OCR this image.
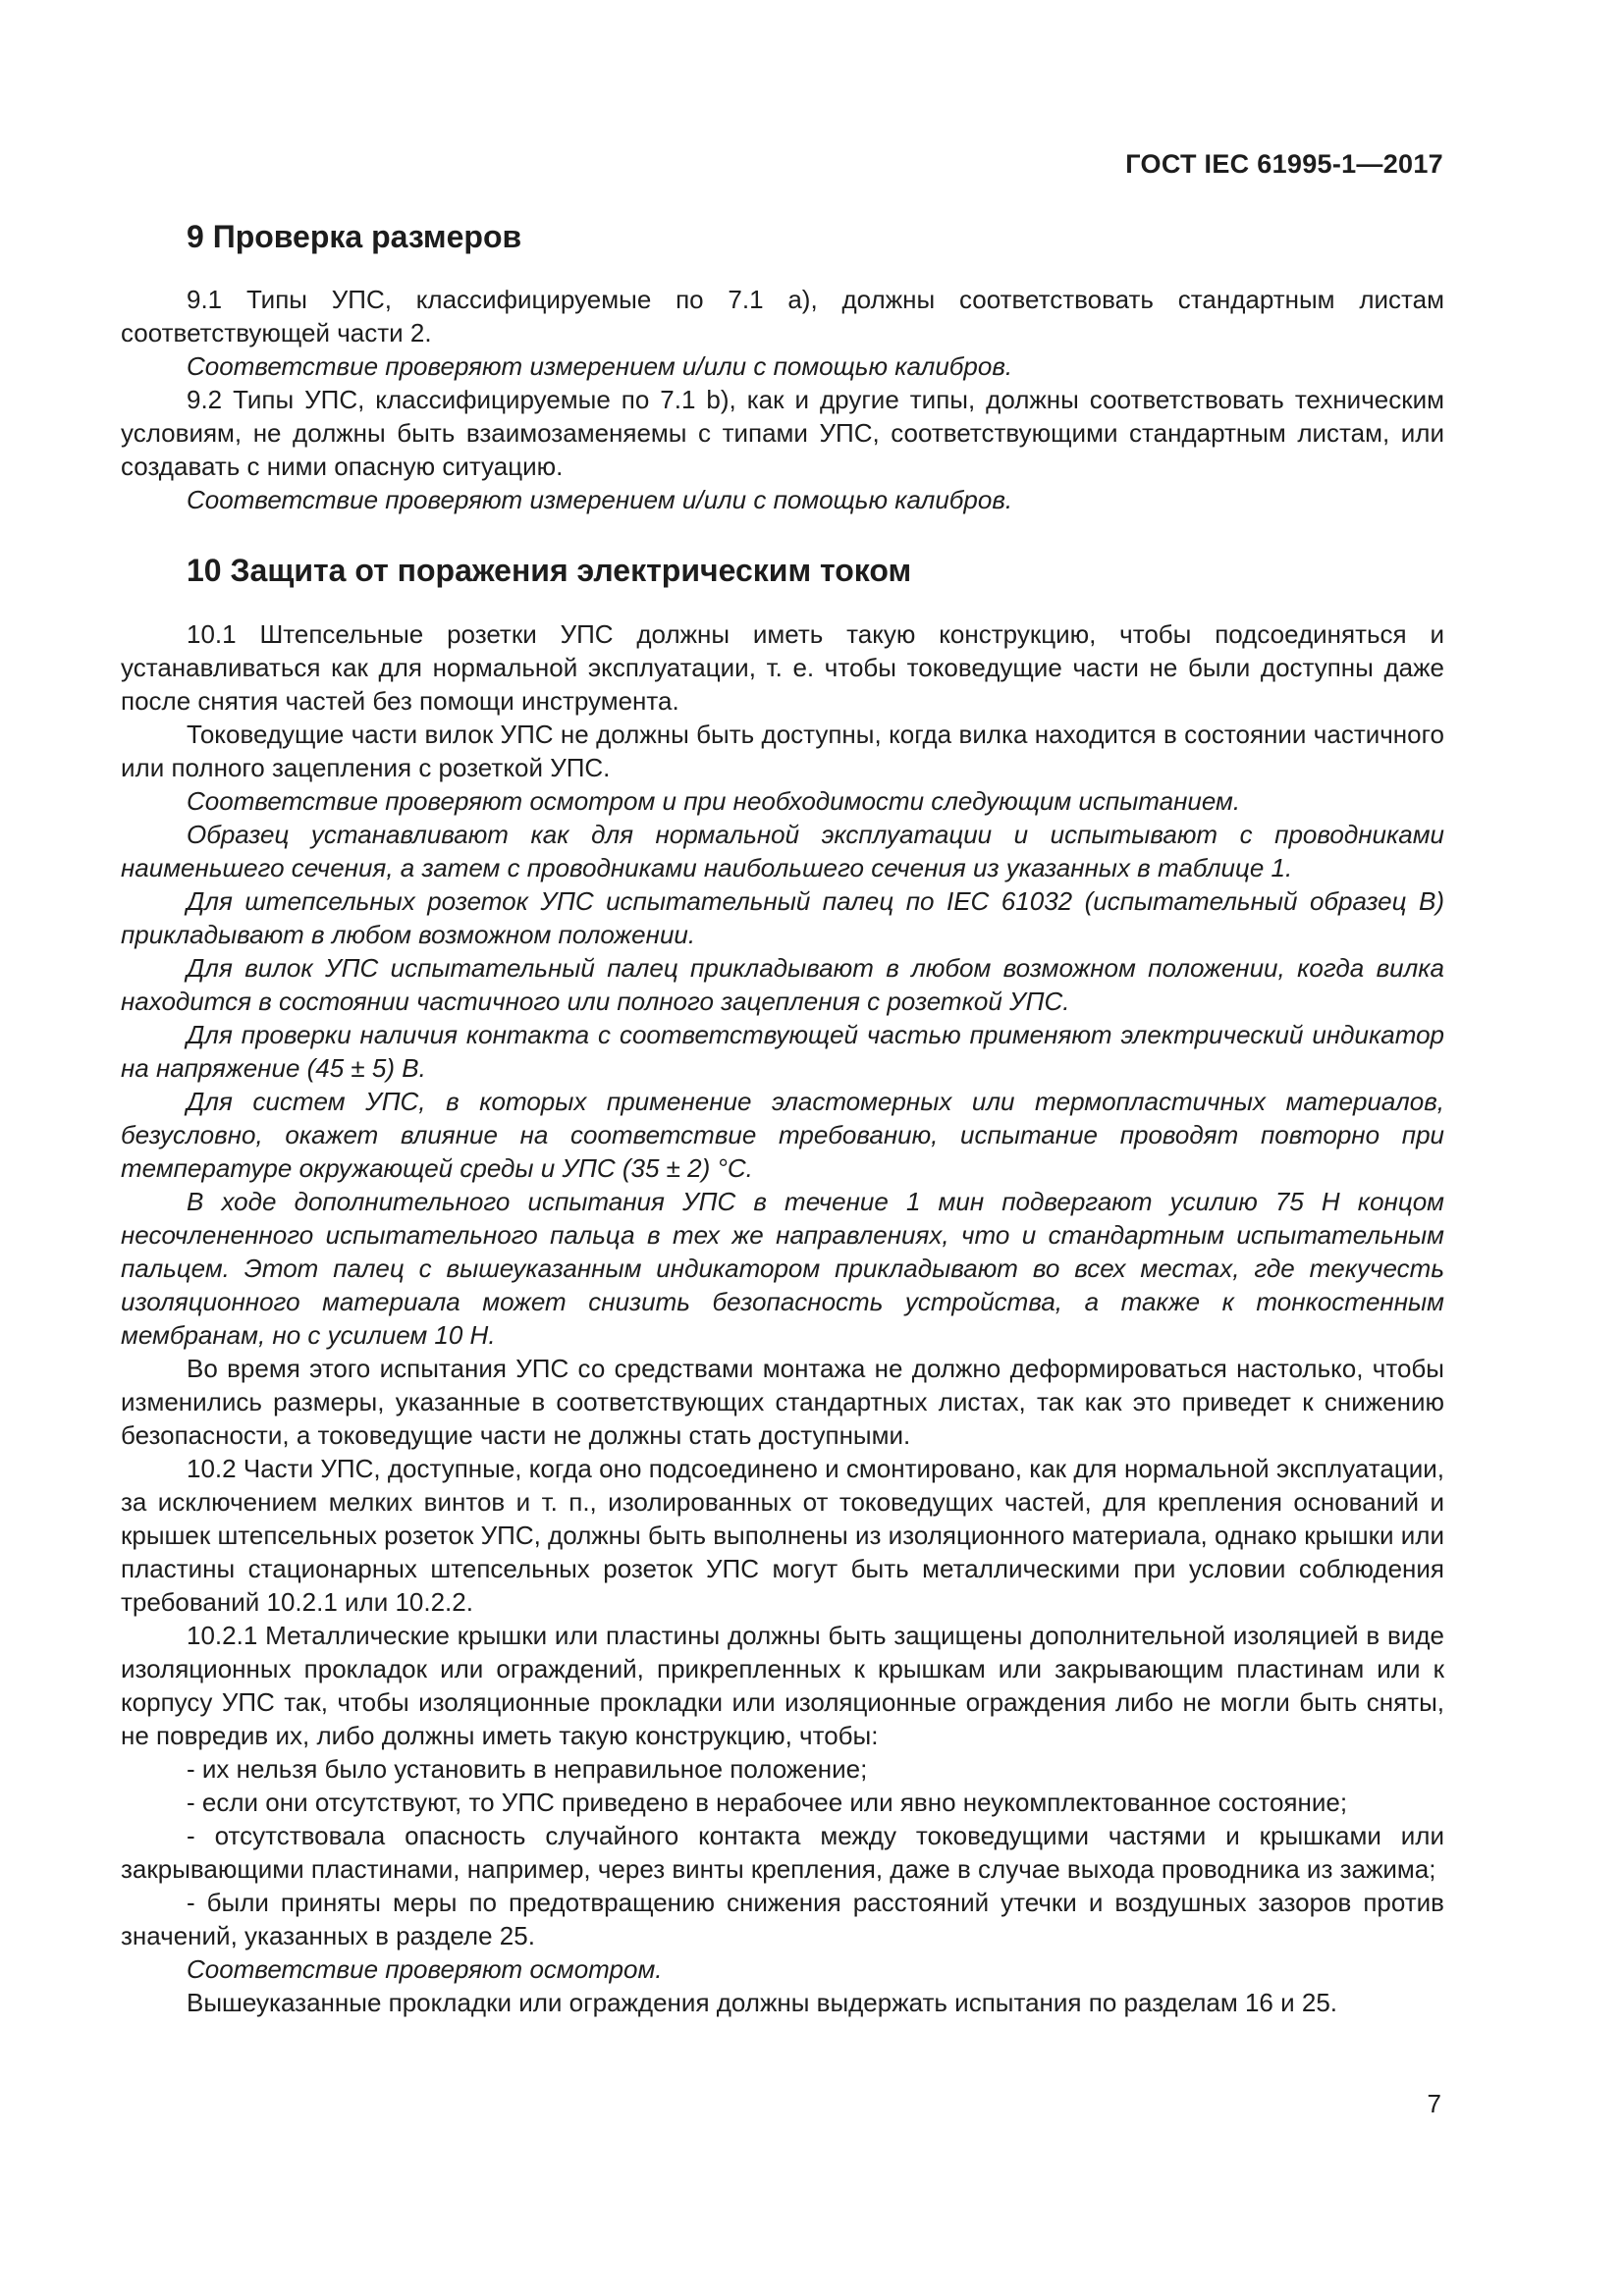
ГОСТ IEC 61995-1—2017
9 Проверка размеров

9.1 Типы УПС, классифицируемые по 7.1 a), должны соответствовать стандартным листам соответствующей части 2.

Соответствие проверяют измерением и/или с помощью калибров.

9.2 Типы УПС, классифицируемые по 7.1 b), как и другие типы, должны соответствовать техническим условиям, не должны быть взаимозаменяемы с типами УПС, соответствующими стандартным листам, или создавать с ними опасную ситуацию.

Соответствие проверяют измерением и/или с помощью калибров.

10 Защита от поражения электрическим током

10.1 Штепсельные розетки УПС должны иметь такую конструкцию, чтобы подсоединяться и устанавливаться как для нормальной эксплуатации, т. е. чтобы токоведущие части не были доступны даже после снятия частей без помощи инструмента.

Токоведущие части вилок УПС не должны быть доступны, когда вилка находится в состоянии частичного или полного зацепления с розеткой УПС.

Соответствие проверяют осмотром и при необходимости следующим испытанием.

Образец устанавливают как для нормальной эксплуатации и испытывают с проводниками наименьшего сечения, а затем с проводниками наибольшего сечения из указанных в таблице 1.

Для штепсельных розеток УПС испытательный палец по IEC 61032 (испытательный образец B) прикладывают в любом возможном положении.

Для вилок УПС испытательный палец прикладывают в любом возможном положении, когда вилка находится в состоянии частичного или полного зацепления с розеткой УПС.

Для проверки наличия контакта с соответствующей частью применяют электрический индикатор на напряжение (45 ± 5) В.

Для систем УПС, в которых применение эластомерных или термопластичных материалов, безусловно, окажет влияние на соответствие требованию, испытание проводят повторно при температуре окружающей среды и УПС (35 ± 2) °С.

В ходе дополнительного испытания УПС в течение 1 мин подвергают усилию 75 Н концом несочлененного испытательного пальца в тех же направлениях, что и стандартным испытательным пальцем. Этот палец с вышеуказанным индикатором прикладывают во всех местах, где текучесть изоляционного материала может снизить безопасность устройства, а также к тонкостенным мембранам, но с усилием 10 Н.

Во время этого испытания УПС со средствами монтажа не должно деформироваться настолько, чтобы изменились размеры, указанные в соответствующих стандартных листах, так как это приведет к снижению безопасности, а токоведущие части не должны стать доступными.

10.2 Части УПС, доступные, когда оно подсоединено и смонтировано, как для нормальной эксплуатации, за исключением мелких винтов и т. п., изолированных от токоведущих частей, для крепления оснований и крышек штепсельных розеток УПС, должны быть выполнены из изоляционного материала, однако крышки или пластины стационарных штепсельных розеток УПС могут быть металлическими при условии соблюдения требований 10.2.1 или 10.2.2.

10.2.1 Металлические крышки или пластины должны быть защищены дополнительной изоляцией в виде изоляционных прокладок или ограждений, прикрепленных к крышкам или закрывающим пластинам или к корпусу УПС так, чтобы изоляционные прокладки или изоляционные ограждения либо не могли быть сняты, не повредив их, либо должны иметь такую конструкцию, чтобы:

- их нельзя было установить в неправильное положение;

- если они отсутствуют, то УПС приведено в нерабочее или явно неукомплектованное состояние;

- отсутствовала опасность случайного контакта между токоведущими частями и крышками или закрывающими пластинами, например, через винты крепления, даже в случае выхода проводника из зажима;

- были приняты меры по предотвращению снижения расстояний утечки и воздушных зазоров против значений, указанных в разделе 25.

Соответствие проверяют осмотром.

Вышеуказанные прокладки или ограждения должны выдержать испытания по разделам 16 и 25.

7
